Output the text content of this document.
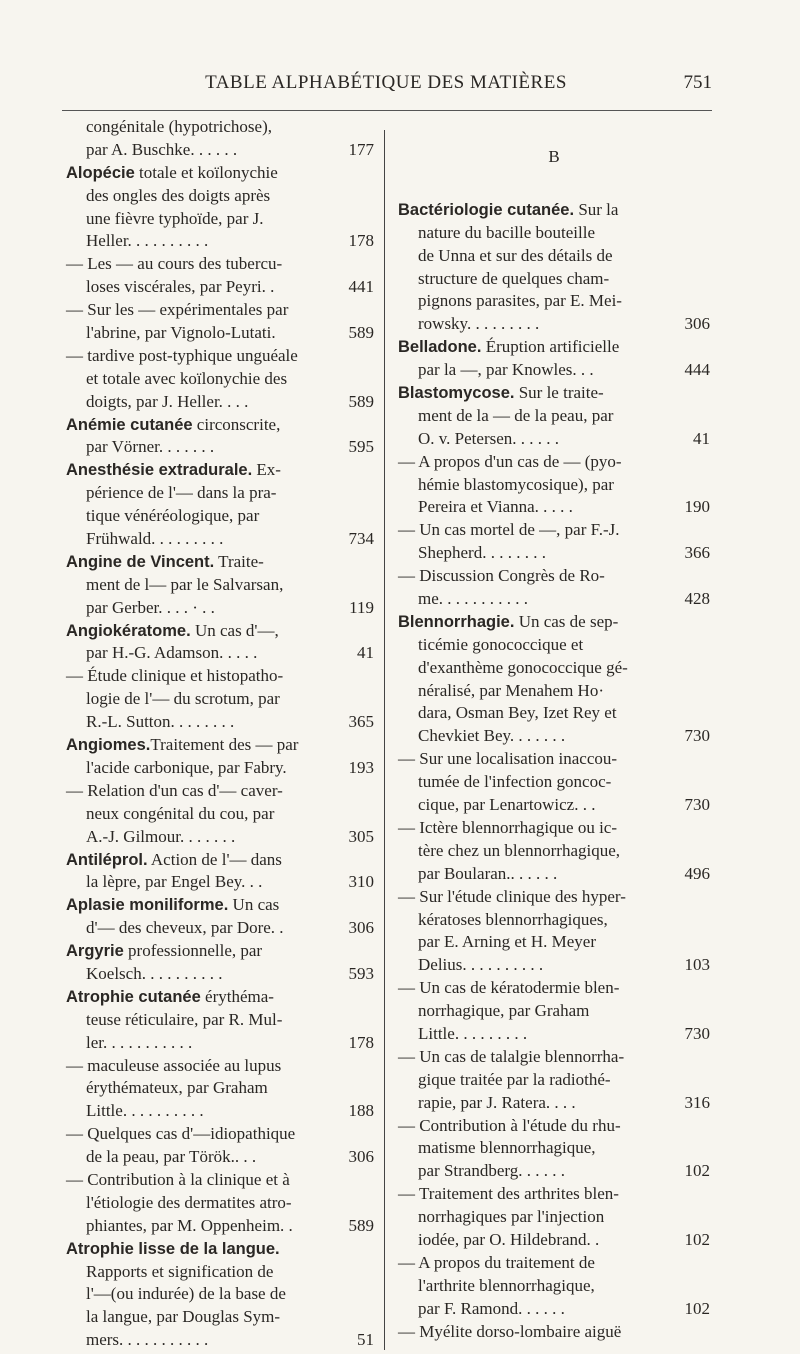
TABLE ALPHABÉTIQUE DES MATIÈRES	751
congénitale (hypotrichose),
par A. Buschke. . . . . .	177
Alopécie totale et koïlonychie
des ongles des doigts après
une fièvre typhoïde, par J.
Heller. . . . . . . . . .	178
— Les — au cours des tubercu-
loses viscérales, par Peyri. .	441
— Sur les — expérimentales par
l'abrine, par Vignolo-Lutati.	589
— tardive post-typhique unguéale
et totale avec koïlonychie des
doigts, par J. Heller. . . .	589
Anémie cutanée circonscrite,
par Vörner. . . . . . .	595
Anesthésie extradurale. Ex-
périence de l'— dans la pra-
tique vénéréologique, par
Frühwald. . . . . . . . .	734
Angine de Vincent. Traite-
ment de l— par le Salvarsan,
par Gerber. . . . · . .	119
Angiokératome. Un cas d'—,
par H.-G. Adamson. . . . .	41
— Étude clinique et histopatho-
logie de l'— du scrotum, par
R.-L. Sutton. . . . . . . .	365
Angiomes.Traitement des — par
l'acide carbonique, par Fabry.	193
— Relation d'un cas d'— caver-
neux congénital du cou, par
A.-J. Gilmour. . . . . . .	305
Antiléprol. Action de l'— dans
la lèpre, par Engel Bey. . .	310
Aplasie moniliforme. Un cas
d'— des cheveux, par Dore. .	306
Argyrie professionnelle, par
Koelsch. . . . . . . . . .	593
Atrophie cutanée érythéma-
teuse réticulaire, par R. Mul-
ler. . . . . . . . . . .	178
— maculeuse associée au lupus
érythémateux, par Graham
Little. . . . . . . . . .	188
— Quelques cas d'—idiopathique
de la peau, par Török.. . .	306
— Contribution à la clinique et à
l'étiologie des dermatites atro-
phiantes, par M. Oppenheim. .	589
Atrophie lisse de la langue.
Rapports et signification de
l'—(ou indurée) de la base de
la langue, par Douglas Sym-
mers. . . . . . . . . . .	51
B
Bactériologie cutanée. Sur la
nature du bacille bouteille
de Unna et sur des détails de
structure de quelques cham-
pignons parasites, par E. Mei-
rowsky. . . . . . . . .	306
Belladone. Éruption artificielle
par la —, par Knowles. . .	444
Blastomycose. Sur le traite-
ment de la — de la peau, par
O. v. Petersen. . . . . .	41
— A propos d'un cas de — (pyo-
hémie blastomycosique), par
Pereira et Vianna. . . . .	190
— Un cas mortel de —, par F.-J.
Shepherd. . . . . . . .	366
— Discussion Congrès de Ro-
me. . . . . . . . . . .	428
Blennorrhagie. Un cas de sep-
ticémie gonococcique et
d'exanthème gonococcique gé-
néralisé, par Menahem Ho·
dara, Osman Bey, Izet Rey et
Chevkiet Bey. . . . . . .	730
— Sur une localisation inaccou-
tumée de l'infection goncoc-
cique, par Lenartowicz. . .	730
— Ictère blennorrhagique ou ic-
tère chez un blennorrhagique,
par Boularan.. . . . . .	496
— Sur l'étude clinique des hyper-
kératoses blennorrhagiques,
par E. Arning et H. Meyer
Delius. . . . . . . . . .	103
— Un cas de kératodermie blen-
norrhagique, par Graham
Little. . . . . . . . .	730
— Un cas de talalgie blennorrha-
gique traitée par la radiothé-
rapie, par J. Ratera. . . .	316
— Contribution à l'étude du rhu-
matisme blennorrhagique,
par Strandberg. . . . . .	102
— Traitement des arthrites blen-
norrhagiques par l'injection
iodée, par O. Hildebrand. .	102
— A propos du traitement de
l'arthrite blennorrhagique,
par F. Ramond. . . . . .	102
— Myélite dorso-lombaire aiguë
